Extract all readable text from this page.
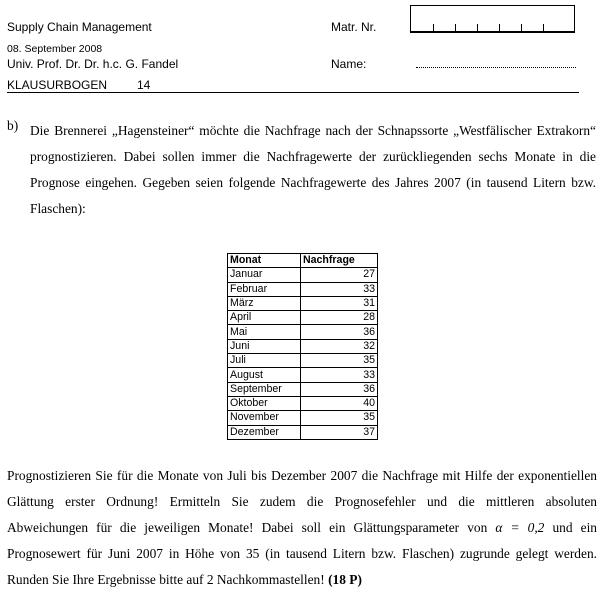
Supply Chain Management
08. September 2008
Univ. Prof. Dr. Dr. h.c. G. Fandel
KLAUSURBOGEN 14
Matr. Nr.
Name:
b) Die Brennerei „Hagensteiner“ möchte die Nachfrage nach der Schnapssorte „Westfälischer Extrakorn“
prognostizieren. Dabei sollen immer die Nachfragewerte der zurückliegenden sechs Monate in die
Prognose eingehen. Gegeben seien folgende Nachfragewerte des Jahres 2007 (in tausend Litern bzw.
Flaschen):
Monat	Nachfrage
Januar	27
Februar	33
März	31
April	28
Mai	36
Juni	32
Juli	35
August	33
September	36
Oktober	40
November	35
Dezember	37
Prognostizieren Sie für die Monate von Juli bis Dezember 2007 die Nachfrage mit Hilfe der exponentiellen
Glättung erster Ordnung! Ermitteln Sie zudem die Prognosefehler und die mittleren absoluten
Abweichungen für die jeweiligen Monate! Dabei soll ein Glättungsparameter von α = 0,2 und ein
Prognosewert für Juni 2007 in Höhe von 35 (in tausend Litern bzw. Flaschen) zugrunde gelegt werden.
Runden Sie Ihre Ergebnisse bitte auf 2 Nachkommastellen! (18 P)
